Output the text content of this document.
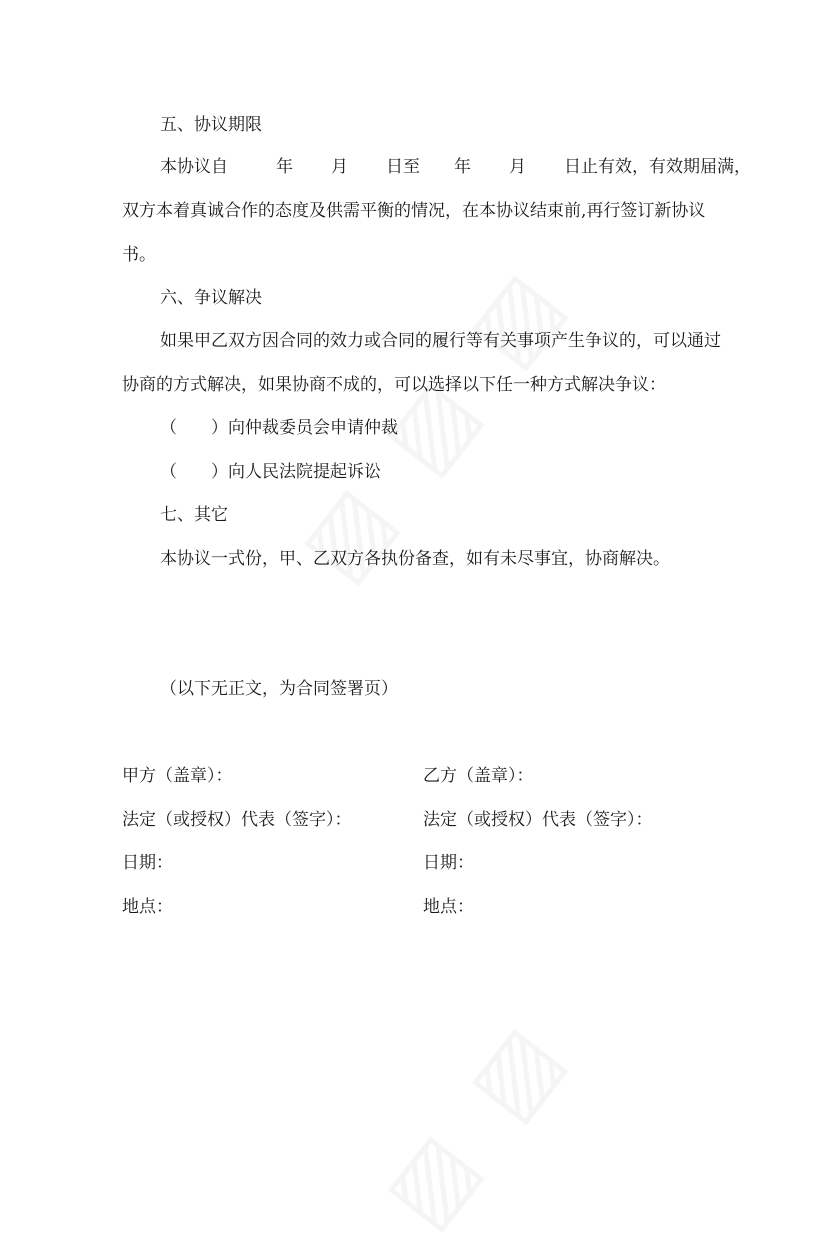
五、协议期限
本协议自	年 月 日至 年 月 日止有效，有效期届满，
双方本着真诚合作的态度及供需平衡的情况，在本协议结束前,再行签订新协议
书。
六、争议解决
如果甲乙双方因合同的效力或合同的履行等有关事项产生争议的，可以通过
协商的方式解决，如果协商不成的，可以选择以下任一种方式解决争议：
（　　）向仲裁委员会申请仲裁
（　　）向人民法院提起诉讼
七、其它
本协议一式份，甲、乙双方各执份备查，如有未尽事宜，协商解决。
（以下无正文，为合同签署页）
甲方（盖章）：	乙方（盖章）：
法定（或授权）代表（签字）：	法定（或授权）代表（签字）：
日期：	日期：
地点：	地点：
